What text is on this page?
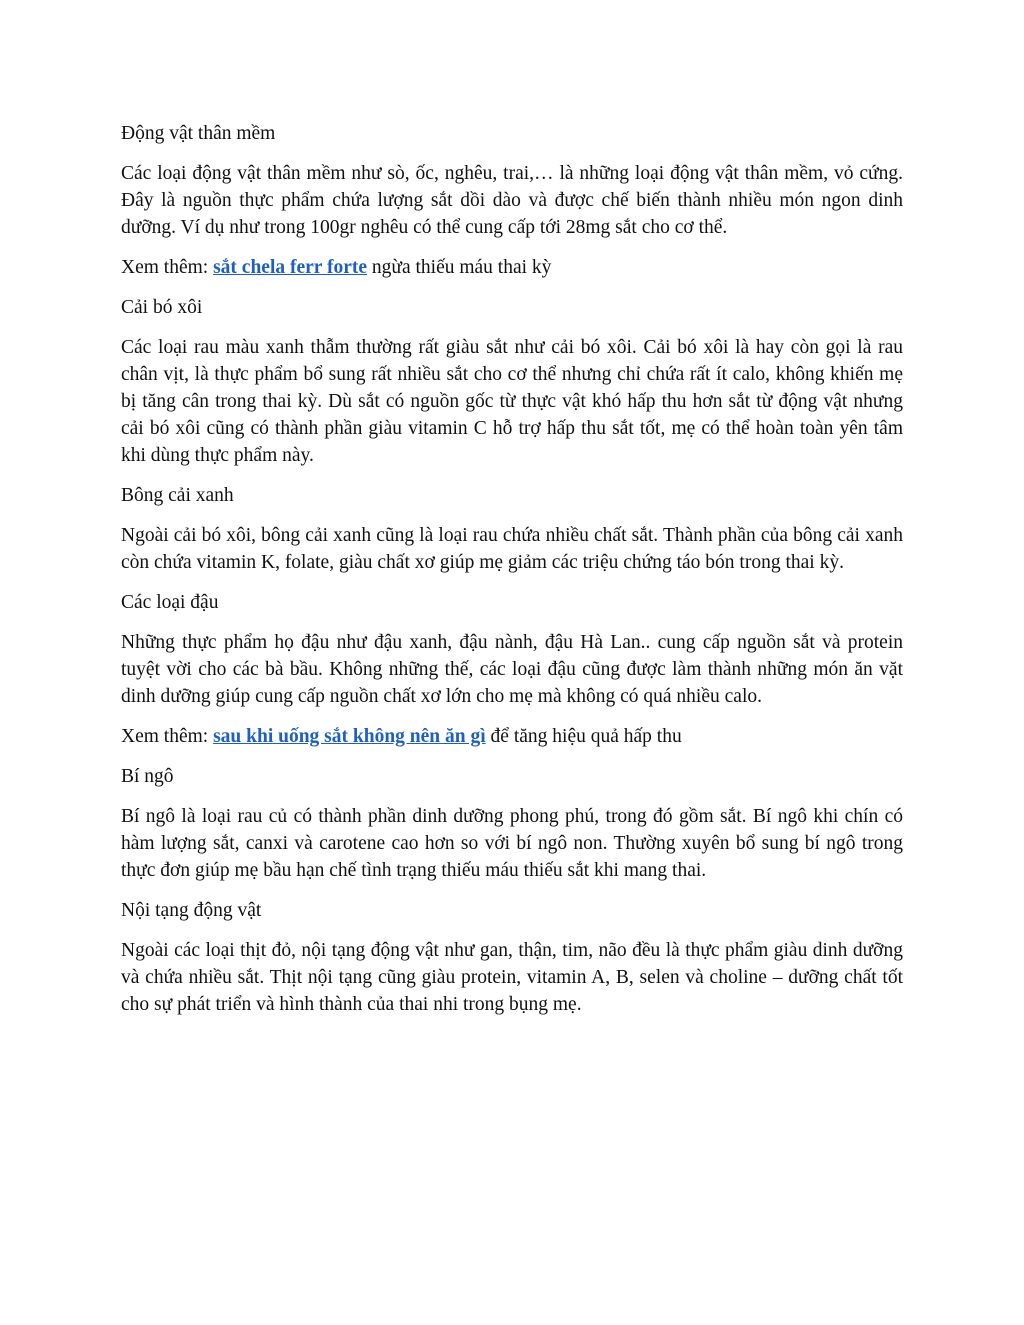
Động vật thân mềm

Các loại động vật thân mềm như sò, ốc, nghêu, trai,… là những loại động vật thân mềm, vỏ cứng. Đây là nguồn thực phẩm chứa lượng sắt dồi dào và được chế biến thành nhiều món ngon dinh dưỡng. Ví dụ như trong 100gr nghêu có thể cung cấp tới 28mg sắt cho cơ thể.

Xem thêm: sắt chela ferr forte ngừa thiếu máu thai kỳ

Cải bó xôi

Các loại rau màu xanh thẫm thường rất giàu sắt như cải bó xôi. Cải bó xôi là hay còn gọi là rau chân vịt, là thực phẩm bổ sung rất nhiều sắt cho cơ thể nhưng chỉ chứa rất ít calo, không khiến mẹ bị tăng cân trong thai kỳ. Dù sắt có nguồn gốc từ thực vật khó hấp thu hơn sắt từ động vật nhưng cải bó xôi cũng có thành phần giàu vitamin C hỗ trợ hấp thu sắt tốt, mẹ có thể hoàn toàn yên tâm khi dùng thực phẩm này.

Bông cải xanh

Ngoài cải bó xôi, bông cải xanh cũng là loại rau chứa nhiều chất sắt. Thành phần của bông cải xanh còn chứa vitamin K, folate, giàu chất xơ giúp mẹ giảm các triệu chứng táo bón trong thai kỳ.

Các loại đậu

Những thực phẩm họ đậu như đậu xanh, đậu nành, đậu Hà Lan.. cung cấp nguồn sắt và protein tuyệt vời cho các bà bầu. Không những thế, các loại đậu cũng được làm thành những món ăn vặt dinh dưỡng giúp cung cấp nguồn chất xơ lớn cho mẹ mà không có quá nhiều calo.

Xem thêm: sau khi uống sắt không nên ăn gì để tăng hiệu quả hấp thu

Bí ngô

Bí ngô là loại rau củ có thành phần dinh dưỡng phong phú, trong đó gồm sắt. Bí ngô khi chín có hàm lượng sắt, canxi và carotene cao hơn so với bí ngô non. Thường xuyên bổ sung bí ngô trong thực đơn giúp mẹ bầu hạn chế tình trạng thiếu máu thiếu sắt khi mang thai.

Nội tạng động vật

Ngoài các loại thịt đỏ, nội tạng động vật như gan, thận, tim, não đều là thực phẩm giàu dinh dưỡng và chứa nhiều sắt. Thịt nội tạng cũng giàu protein, vitamin A, B, selen và choline – dưỡng chất tốt cho sự phát triển và hình thành của thai nhi trong bụng mẹ.
